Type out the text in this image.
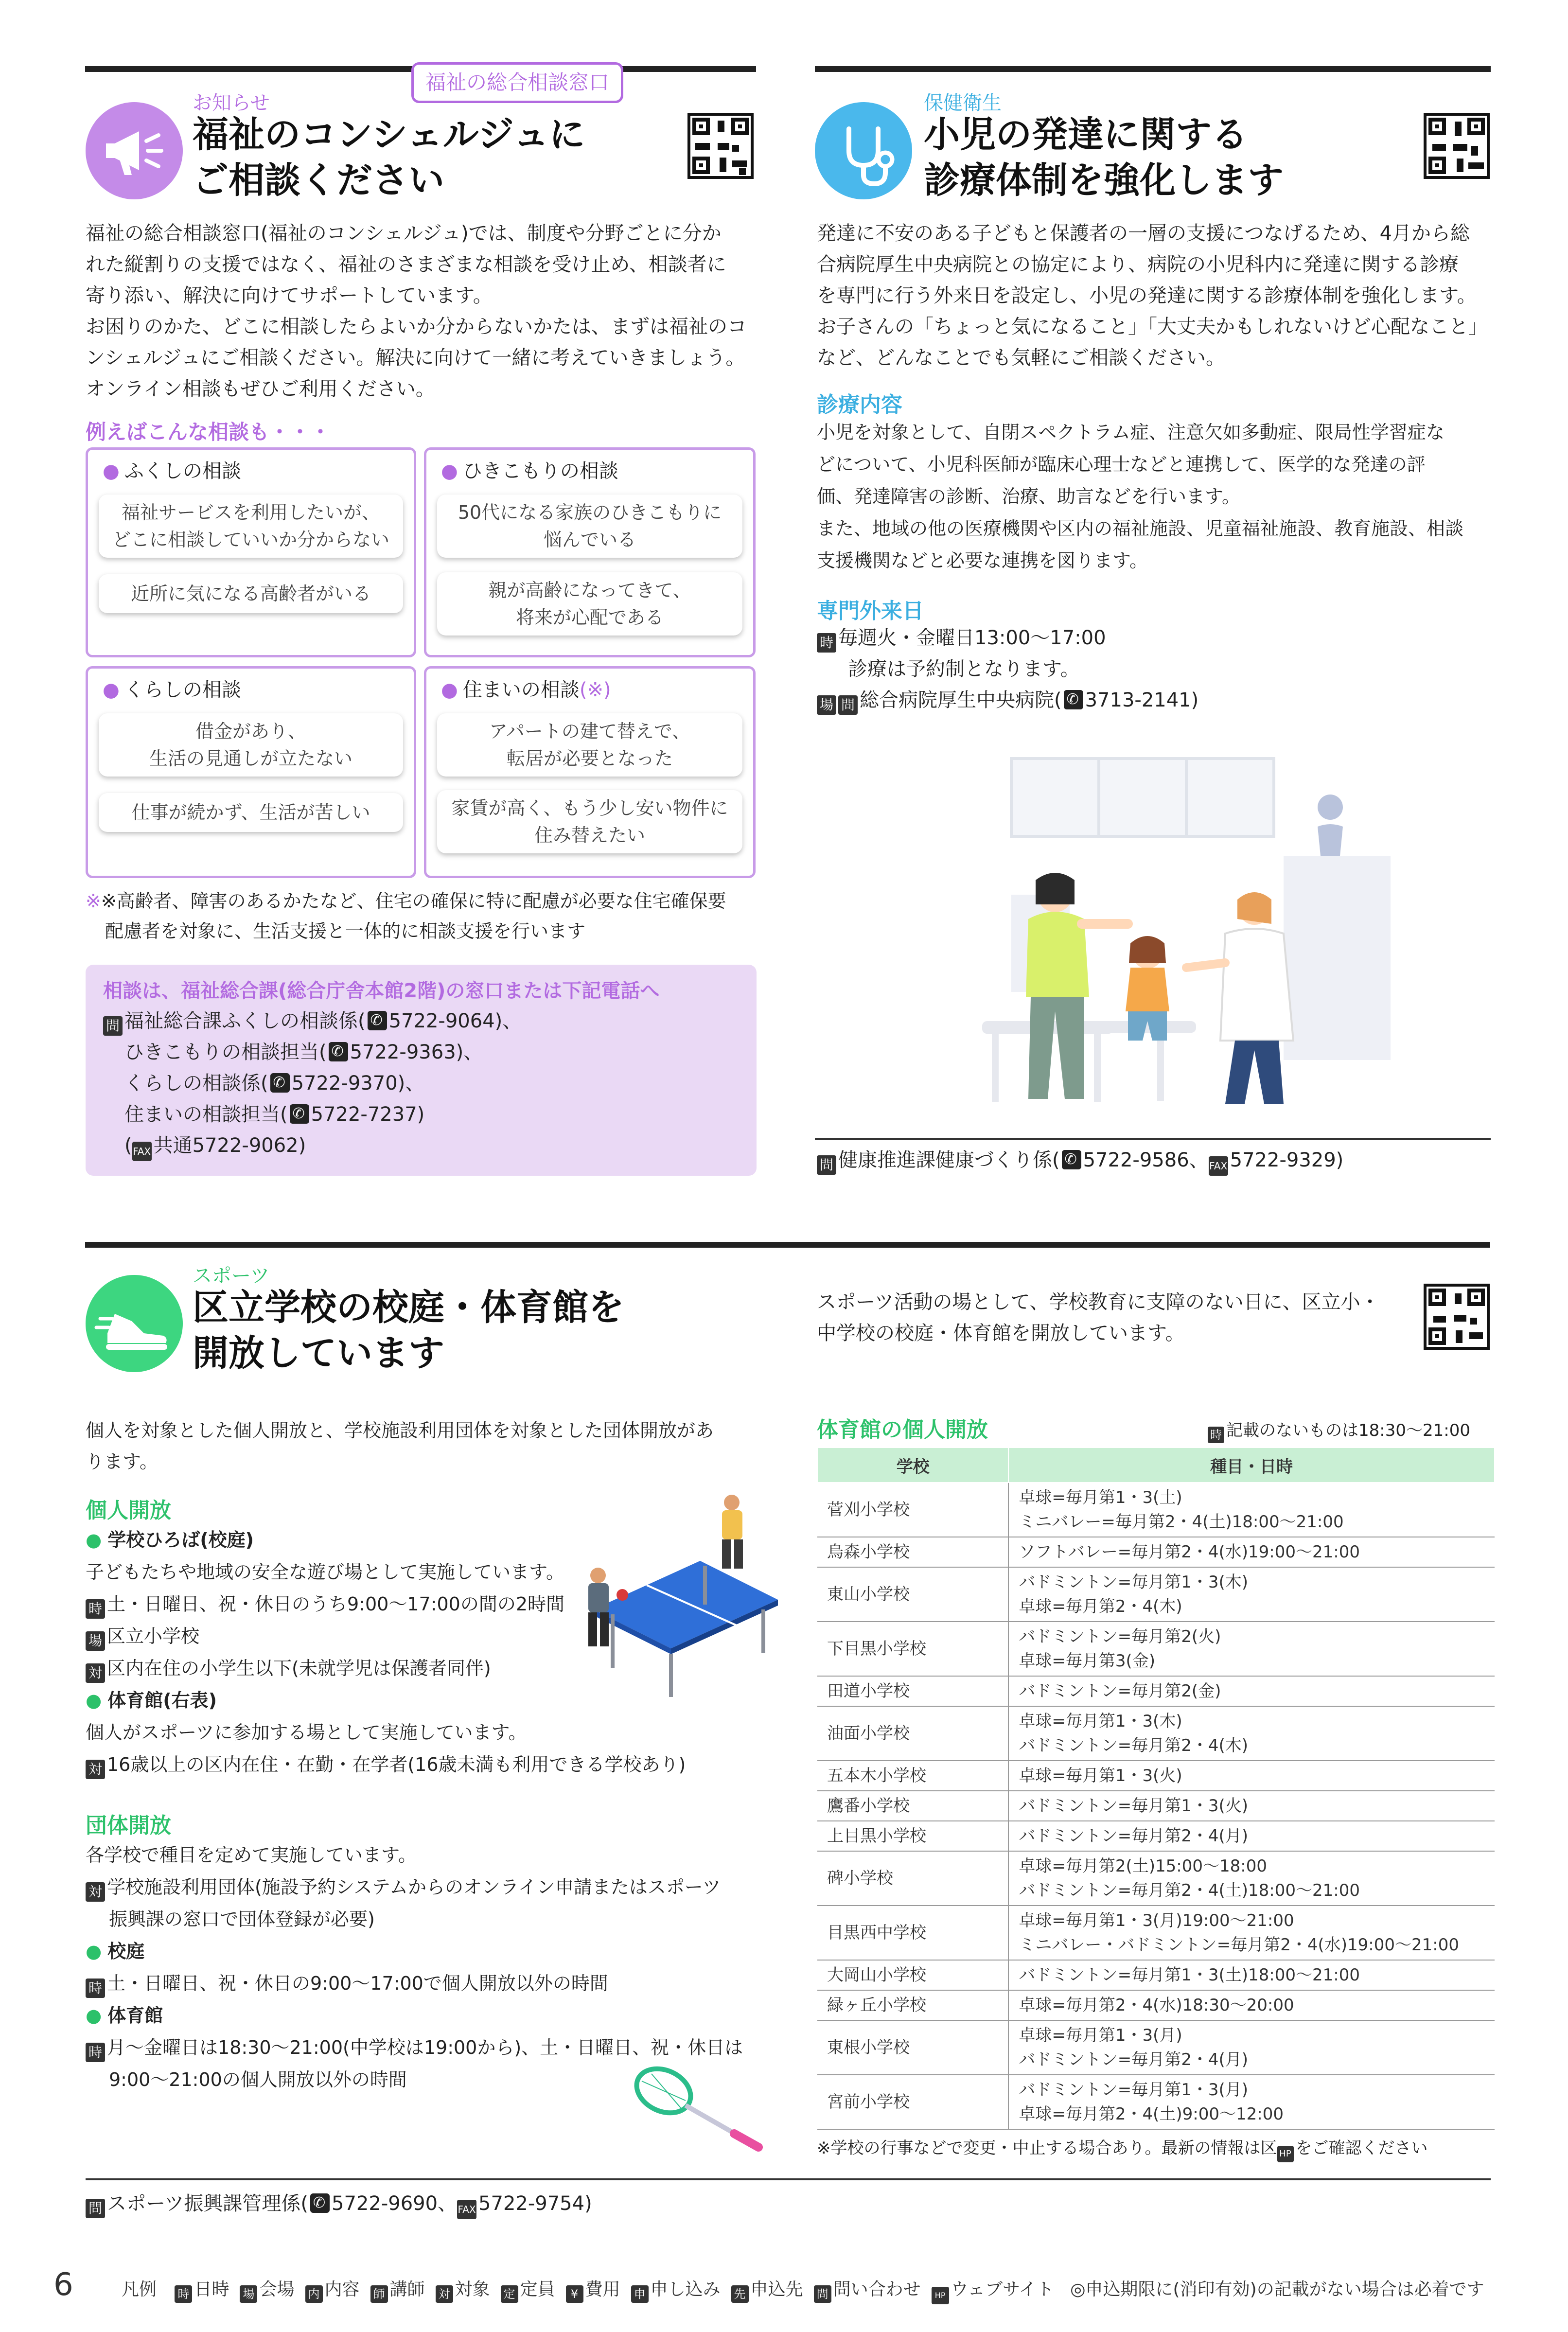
福祉の総合相談窓口
お知らせ
福祉のコンシェルジュに
ご相談ください

福祉の総合相談窓口(福祉のコンシェルジュ)では、制度や分野ごとに分か

れた縦割りの支援ではなく、福祉のさまざまな相談を受け止め、相談者に

寄り添い、解決に向けてサポートしています。

お困りのかた、どこに相談したらよいか分からないかたは、まずは福祉のコ

ンシェルジュにご相談ください。解決に向けて一緒に考えていきましょう。

オンライン相談もぜひご利用ください。

例えばこんな相談も・・・
● ふくしの相談
福祉サービスを利用したいが、
どこに相談していいか分からない
近所に気になる高齢者がいる
● ひきこもりの相談
50代になる家族のひきこもりに
悩んでいる
親が高齢になってきて、
将来が心配である
● くらしの相談
借金があり、
生活の見通しが立たない
仕事が続かず、生活が苦しい
● 住まいの相談(※)
アパートの建て替えで、
転居が必要となった
家賃が高く、もう少し安い物件に
住み替えたい

※※高齢者、障害のあるかたなど、住宅の確保に特に配慮が必要な住宅確保要

配慮者を対象に、生活支援と一体的に相談支援を行います

相談は、福祉総合課(総合庁舎本館2階)の窓口または下記電話へ
問 福祉総合課ふくしの相談係( ✆ 5722-9064)、
ひきこもりの相談担当( ✆ 5722-9363)、
くらしの相談係( ✆ 5722-9370)、
住まいの相談担当( ✆ 5722-7237)
(FAX 共通5722-9062)
保健衛生
小児の発達に関する
診療体制を強化します

発達に不安のある子どもと保護者の一層の支援につなげるため、4月から総

合病院厚生中央病院との協定により、病院の小児科内に発達に関する診療

を専門に行う外来日を設定し、小児の発達に関する診療体制を強化します。

お子さんの「ちょっと気になること」「大丈夫かもしれないけど心配なこと」

など、どんなことでも気軽にご相談ください。

診療内容

小児を対象として、自閉スペクトラム症、注意欠如多動症、限局性学習症な

どについて、小児科医師が臨床心理士などと連携して、医学的な発達の評

価、発達障害の診断、治療、助言などを行います。

また、地域の他の医療機関や区内の福祉施設、児童福祉施設、教育施設、相談

支援機関などと必要な連携を図ります。

専門外来日

時 毎週火・金曜日13:00〜17:00

診療は予約制となります。

場 問 総合病院厚生中央病院( ✆ 3713-2141)

問 健康推進課健康づくり係( ✆ 5722-9586、FAX 5722-9329)

スポーツ
区立学校の校庭・体育館を
開放しています

スポーツ活動の場として、学校教育に支障のない日に、区立小・

中学校の校庭・体育館を開放しています。

個人を対象とした個人開放と、学校施設利用団体を対象とした団体開放があ

ります。

個人開放

● 学校ひろば(校庭)

子どもたちや地域の安全な遊び場として実施しています。

時 土・日曜日、祝・休日のうち9:00〜17:00の間の2時間

場 区立小学校

対 区内在住の小学生以下(未就学児は保護者同伴)

● 体育館(右表)

個人がスポーツに参加する場として実施しています。

対 16歳以上の区内在住・在勤・在学者(16歳未満も利用できる学校あり)

団体開放

各学校で種目を定めて実施しています。

対 学校施設利用団体(施設予約システムからのオンライン申請またはスポーツ

振興課の窓口で団体登録が必要)

● 校庭

時 土・日曜日、祝・休日の9:00〜17:00で個人開放以外の時間

● 体育館

時 月〜金曜日は18:30〜21:00(中学校は19:00から)、土・日曜日、祝・休日は

9:00〜21:00の個人開放以外の時間

体育館の個人開放	時 記載のないものは18:30〜21:00
学校	種目・日時
菅刈小学校	卓球=毎月第1・3(土)
ミニバレー=毎月第2・4(土)18:00〜21:00

烏森小学校	ソフトバレー=毎月第2・4(水)19:00〜21:00

東山小学校	バドミントン=毎月第1・3(木)
卓球=毎月第2・4(木)

下目黒小学校	バドミントン=毎月第2(火)
卓球=毎月第3(金)

田道小学校	バドミントン=毎月第2(金)

油面小学校	卓球=毎月第1・3(木)
バドミントン=毎月第2・4(木)

五本木小学校	卓球=毎月第1・3(火)

鷹番小学校	バドミントン=毎月第1・3(火)

上目黒小学校	バドミントン=毎月第2・4(月)

碑小学校	卓球=毎月第2(土)15:00〜18:00
バドミントン=毎月第2・4(土)18:00〜21:00

目黒西中学校	卓球=毎月第1・3(月)19:00〜21:00
ミニバレー・バドミントン=毎月第2・4(水)19:00〜21:00

大岡山小学校	バドミントン=毎月第1・3(土)18:00〜21:00

緑ヶ丘小学校	卓球=毎月第2・4(水)18:30〜20:00

東根小学校	卓球=毎月第1・3(月)
バドミントン=毎月第2・4(月)

宮前小学校	バドミントン=毎月第1・3(月)
卓球=毎月第2・4(土)9:00〜12:00
※学校の行事などで変更・中止する場合あり。最新の情報は区 HP をご確認ください

問 スポーツ振興課管理係( ✆ 5722-9690、FAX 5722-9754)

6	凡例 時 日時 場 会場 内 内容 師 講師 対 対象 定 定員 ¥ 費用 申 申し込み 先 申込先 問 問い合わせ HP ウェブサイト ◎申込期限に(消印有効)の記載がない場合は必着です
